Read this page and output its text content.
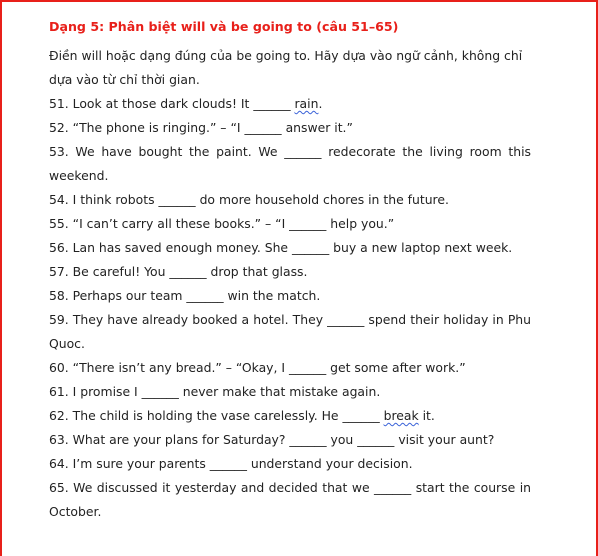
Dạng 5: Phân biệt will và be going to (câu 51–65)

Điền will hoặc dạng đúng của be going to. Hãy dựa vào ngữ cảnh, không chỉ dựa vào từ chỉ thời gian.

51. Look at those dark clouds! It ______ rain.

52. “The phone is ringing.” – “I ______ answer it.”

53. We have bought the paint. We ______ redecorate the living room this weekend.

54. I think robots ______ do more household chores in the future.

55. “I can’t carry all these books.” – “I ______ help you.”

56. Lan has saved enough money. She ______ buy a new laptop next week.

57. Be careful! You ______ drop that glass.

58. Perhaps our team ______ win the match.

59. They have already booked a hotel. They ______ spend their holiday in Phu Quoc.

60. “There isn’t any bread.” – “Okay, I ______ get some after work.”

61. I promise I ______ never make that mistake again.

62. The child is holding the vase carelessly. He ______ break it.

63. What are your plans for Saturday? ______ you ______ visit your aunt?

64. I’m sure your parents ______ understand your decision.

65. We discussed it yesterday and decided that we ______ start the course in October.
